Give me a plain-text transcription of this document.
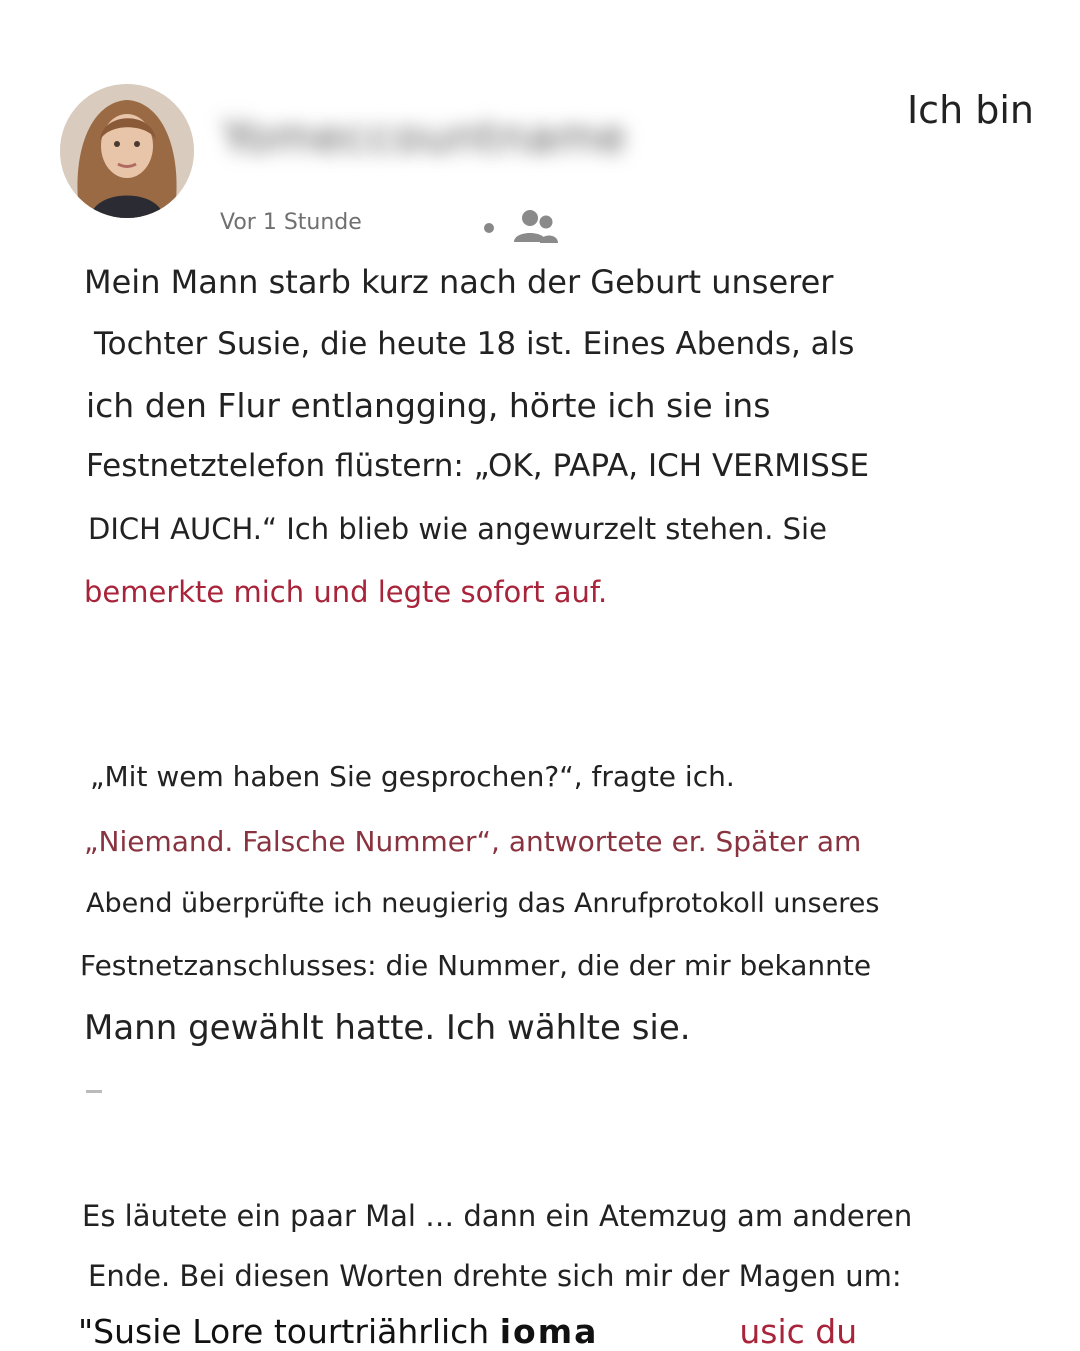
Yomeccountname
Ich bin
Vor 1 Stunde
Mein Mann starb kurz nach der Geburt unserer
Tochter Susie, die heute 18 ist. Eines Abends, als
ich den Flur entlangging, hörte ich sie ins
Festnetztelefon flüstern: „OK, PAPA, ICH VERMISSE
DICH AUCH.“ Ich blieb wie angewurzelt stehen. Sie
bemerkte mich und legte sofort auf.
„Mit wem haben Sie gesprochen?“, fragte ich.
„Niemand. Falsche Nummer“, antwortete er. Später am
Abend überprüfte ich neugierig das Anrufprotokoll unseres
Festnetzanschlusses: die Nummer, die der mir bekannte
Mann gewählt hatte. Ich wählte sie.
Es läutete ein paar Mal … dann ein Atemzug am anderen
Ende. Bei diesen Worten drehte sich mir der Magen um:
"Susie Lore tourtriährlich ioma	usic du
